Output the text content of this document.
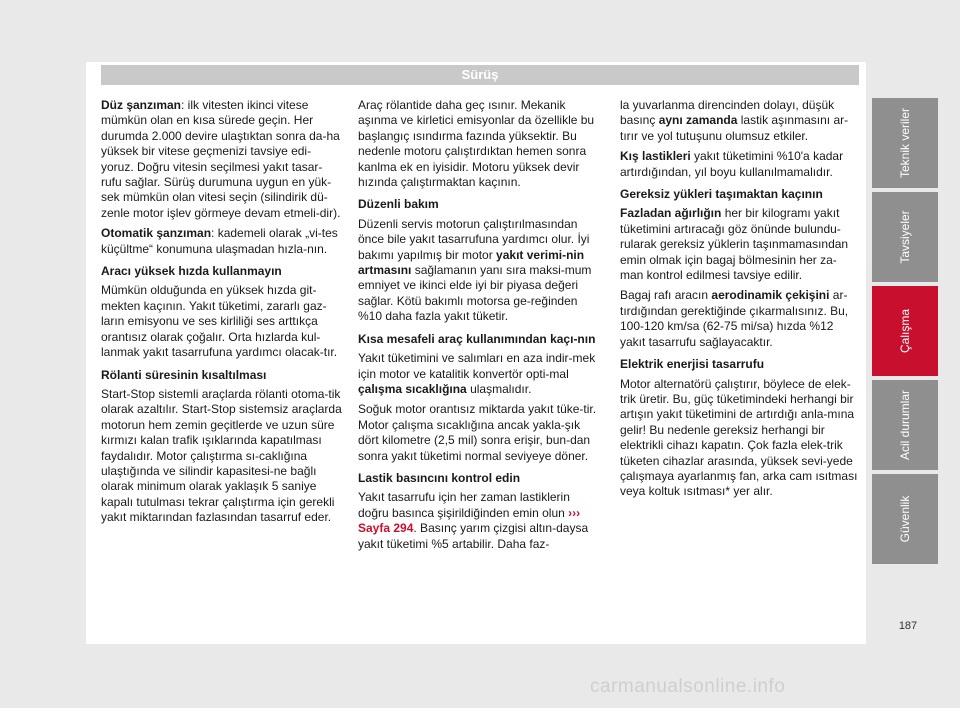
Sürüş

Düz şanzıman: ilk vitesten ikinci vitese mümkün olan en kısa sürede geçin. Her durumda 2.000 devire ulaştıktan sonra da-ha yüksek bir vitese geçmenizi tavsiye edi-yoruz. Doğru vitesin seçilmesi yakıt tasar-rufu sağlar. Sürüş durumuna uygun en yük-sek mümkün olan vitesi seçin (silindirik dü-zenle motor işlev görmeye devam etmeli-dir).

Otomatik şanzıman: kademeli olarak „vi-tes küçültme“ konumuna ulaşmadan hızla-nın.

Aracı yüksek hızda kullanmayın

Mümkün olduğunda en yüksek hızda git-mekten kaçının. Yakıt tüketimi, zararlı gaz-ların emisyonu ve ses kirliliği ses arttıkça orantısız olarak çoğalır. Orta hızlarda kul-lanmak yakıt tasarrufuna yardımcı olacak-tır.

Rölanti süresinin kısaltılması

Start-Stop sistemli araçlarda rölanti otoma-tik olarak azaltılır. Start-Stop sistemsiz araçlarda motorun hem zemin geçitlerde ve uzun süre kırmızı kalan trafik ışıklarında kapatılması faydalıdır. Motor çalıştırma sı-caklığına ulaştığında ve silindir kapasitesi-ne bağlı olarak minimum olarak yaklaşık 5 saniye kapalı tutulması tekrar çalıştırma için gerekli yakıt miktarından fazlasından tasarruf eder.

Araç rölantide daha geç ısınır. Mekanik aşınma ve kirletici emisyonlar da özellikle bu başlangıç ısındırma fazında yüksektir. Bu nedenle motoru çalıştırdıktan hemen sonra kanlma ek en iyisidir. Motoru yüksek devir hızında çalıştırmaktan kaçının.

Düzenli bakım

Düzenli servis motorun çalıştırılmasından önce bile yakıt tasarrufuna yardımcı olur. İyi bakımı yapılmış bir motor yakıt verimi-nin artmasını sağlamanın yanı sıra maksi-mum emniyet ve ikinci elde iyi bir piyasa değeri sağlar. Kötü bakımlı motorsa ge-reğinden %10 daha fazla yakıt tüketir.

Kısa mesafeli araç kullanımından kaçı-nın

Yakıt tüketimini ve salımları en aza indir-mek için motor ve katalitik konvertör opti-mal çalışma sıcaklığına ulaşmalıdır.

Soğuk motor orantısız miktarda yakıt tüke-tir. Motor çalışma sıcaklığına ancak yakla-şık dört kilometre (2,5 mil) sonra erişir, bun-dan sonra yakıt tüketimi normal seviyeye döner.

Lastik basıncını kontrol edin

Yakıt tasarrufu için her zaman lastiklerin doğru basınca şişirildiğinden emin olun ››› Sayfa 294. Basınç yarım çizgisi altın-daysa yakıt tüketimi %5 artabilir. Daha faz-

la yuvarlanma direncinden dolayı, düşük basınç aynı zamanda lastik aşınmasını ar-tırır ve yol tutuşunu olumsuz etkiler.

Kış lastikleri yakıt tüketimini %10'a kadar artırdığından, yıl boyu kullanılmamalıdır.

Gereksiz yükleri taşımaktan kaçının

Fazladan ağırlığın her bir kilogramı yakıt tüketimini artıracağı göz önünde bulundu-rularak gereksiz yüklerin taşınmamasından emin olmak için bagaj bölmesinin her za-man kontrol edilmesi tavsiye edilir.

Bagaj rafı aracın aerodinamik çekişini ar-tırdığından gerektiğinde çıkarmalısınız. Bu, 100-120 km/sa (62-75 mi/sa) hızda %12 yakıt tasarrufu sağlayacaktır.

Elektrik enerjisi tasarrufu

Motor alternatörü çalıştırır, böylece de elek-trik üretir. Bu, güç tüketimindeki herhangi bir artışın yakıt tüketimini de artırdığı anla-mına gelir! Bu nedenle gereksiz herhangi bir elektrikli cihazı kapatın. Çok fazla elek-trik tüketen cihazlar arasında, yüksek sevi-yede çalışmaya ayarlanmış fan, arka cam ısıtması veya koltuk ısıtması* yer alır.

Teknik veriler
Tavsiyeler
Çalışma
Acil durumlar
Güvenlik
187
carmanualsonline.info
